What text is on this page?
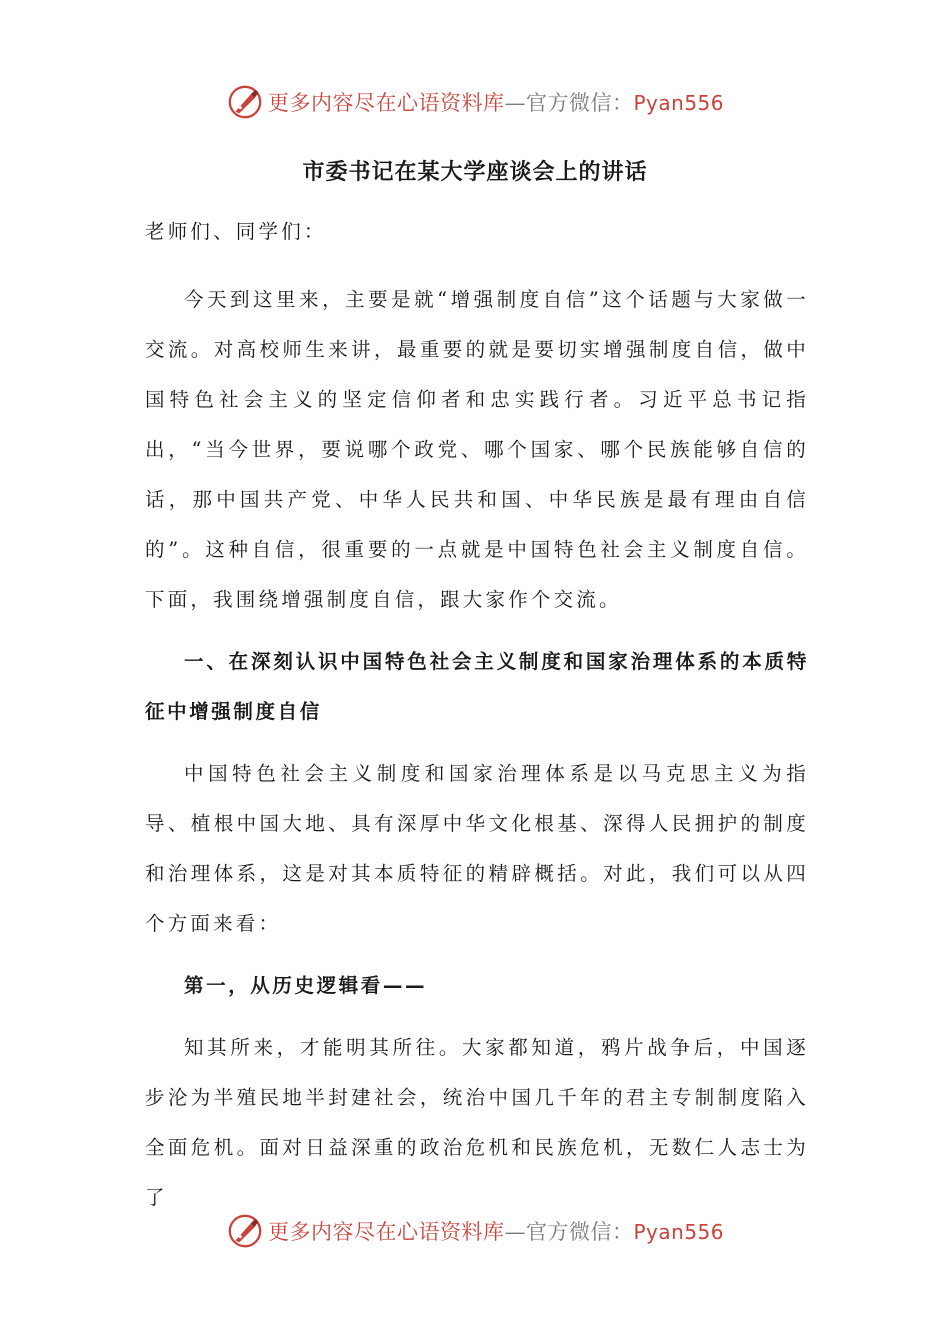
更多内容尽在心语资料库—官方微信：Pyan556
市委书记在某大学座谈会上的讲话

老师们、同学们：

今天到这里来，主要是就“增强制度自信”这个话题与大家做一交流。对高校师生来讲，最重要的就是要切实增强制度自信，做中国特色社会主义的坚定信仰者和忠实践行者。习近平总书记指出，“当今世界，要说哪个政党、哪个国家、哪个民族能够自信的话，那中国共产党、中华人民共和国、中华民族是最有理由自信的”。这种自信，很重要的一点就是中国特色社会主义制度自信。下面，我围绕增强制度自信，跟大家作个交流。

一、在深刻认识中国特色社会主义制度和国家治理体系的本质特征中增强制度自信

中国特色社会主义制度和国家治理体系是以马克思主义为指导、植根中国大地、具有深厚中华文化根基、深得人民拥护的制度和治理体系，这是对其本质特征的精辟概括。对此，我们可以从四个方面来看：

第一，从历史逻辑看——

知其所来，才能明其所往。大家都知道，鸦片战争后，中国逐步沦为半殖民地半封建社会，统治中国几千年的君主专制制度陷入全面危机。面对日益深重的政治危机和民族危机，无数仁人志士为了

更多内容尽在心语资料库—官方微信：Pyan556
